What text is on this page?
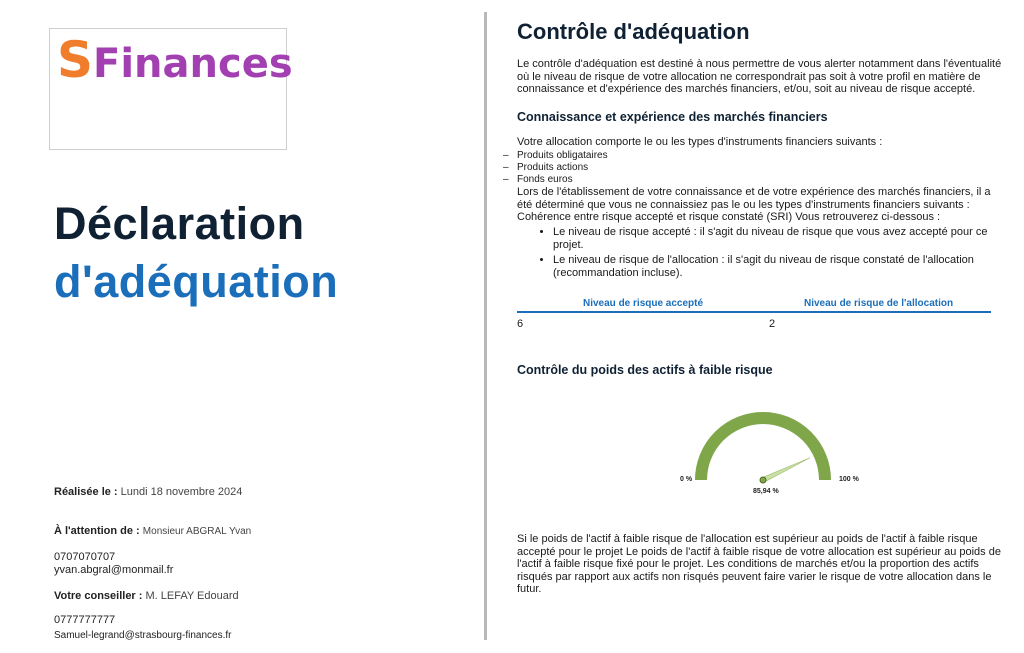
SFinances
Déclaration
d'adéquation
Réalisée le : Lundi 18 novembre 2024
À l'attention de : Monsieur ABGRAL Yvan
0707070707
yvan.abgral@monmail.fr
Votre conseiller : M. LEFAY Edouard
0777777777
Samuel-legrand@strasbourg-finances.fr
Contrôle d'adéquation
Le contrôle d'adéquation est destiné à nous permettre de vous alerter notamment dans l'éventualité où le niveau de risque de votre allocation ne correspondrait pas soit à votre profil en matière de connaissance et d'expérience des marchés financiers, et/ou, soit au niveau de risque accepté.
Connaissance et expérience des marchés financiers
Votre allocation comporte le ou les types d'instruments financiers suivants :
– Produits obligataires
– Produits actions
– Fonds euros
Lors de l'établissement de votre connaissance et de votre expérience des marchés financiers, il a été déterminé que vous ne connaissiez pas le ou les types d'instruments financiers suivants : Cohérence entre risque accepté et risque constaté (SRI) Vous retrouverez ci-dessous :
• Le niveau de risque accepté : il s'agit du niveau de risque que vous avez accepté pour ce projet.
• Le niveau de risque de l'allocation : il s'agit du niveau de risque constaté de l'allocation (recommandation incluse).
Niveau de risque accepté	Niveau de risque de l'allocation
6	2
Contrôle du poids des actifs à faible risque
0 %	100 %
85,94 %
Si le poids de l'actif à faible risque de l'allocation est supérieur au poids de l'actif à faible risque accepté pour le projet Le poids de l'actif à faible risque de votre allocation est supérieur au poids de l'actif à faible risque fixé pour le projet. Les conditions de marchés et/ou la proportion des actifs risqués par rapport aux actifs non risqués peuvent faire varier le risque de votre allocation dans le futur.
